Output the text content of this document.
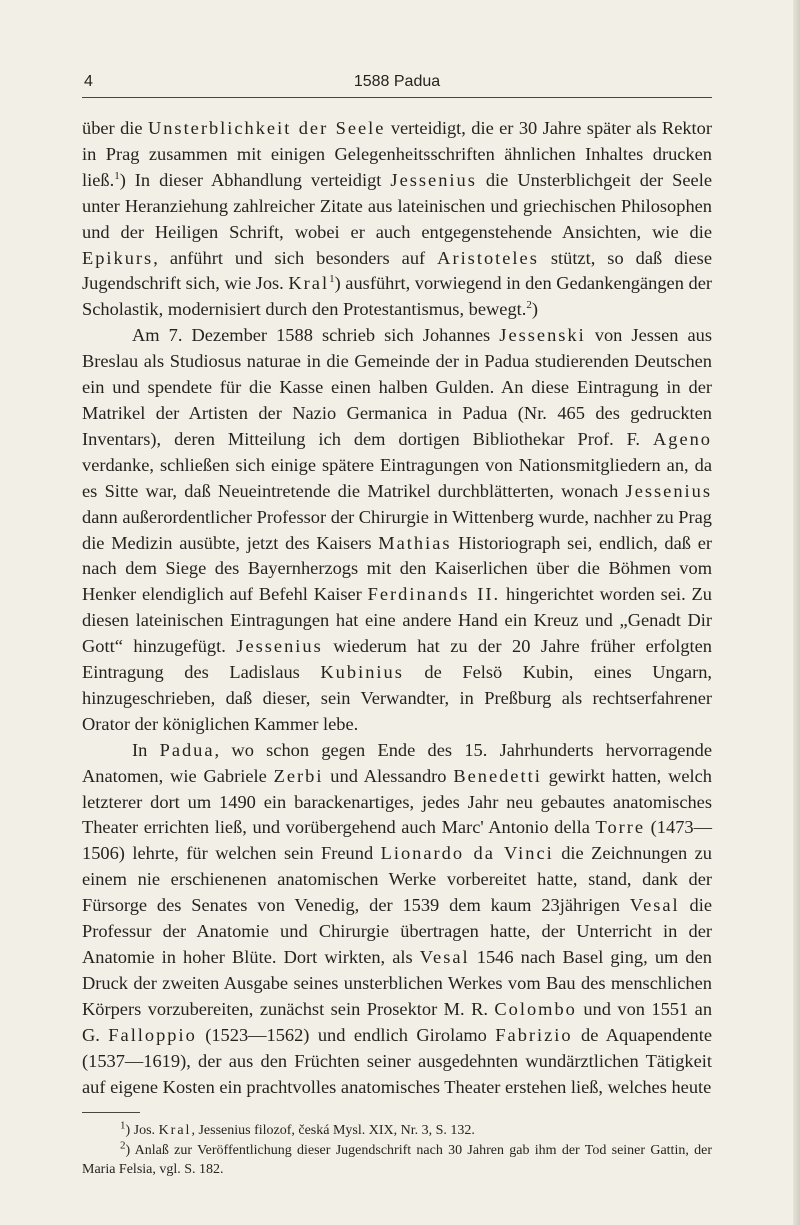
4	1588 Padua

über die Unsterblichkeit der Seele verteidigt, die er 30 Jahre später als Rektor in Prag zusammen mit einigen Gelegenheitsschriften ähnlichen Inhaltes drucken ließ.$^1$) In dieser Abhandlung verteidigt Jessenius die Unsterblichgeit der Seele unter Heranziehung zahlreicher Zitate aus lateinischen und griechischen Philosophen und der Heiligen Schrift, wobei er auch entgegenstehende Ansichten, wie die Epikurs, anführt und sich besonders auf Aristoteles stützt, so daß diese Jugendschrift sich, wie Jos. Kral$^1$) ausführt, vorwiegend in den Gedankengängen der Scholastik, modernisiert durch den Protestantismus, bewegt.$^2$)

Am 7. Dezember 1588 schrieb sich Johannes Jessenski von Jessen aus Breslau als Studiosus naturae in die Gemeinde der in Padua studierenden Deutschen ein und spendete für die Kasse einen halben Gulden. An diese Eintragung in der Matrikel der Artisten der Nazio Germanica in Padua (Nr. 465 des gedruckten Inventars), deren Mitteilung ich dem dortigen Bibliothekar Prof. F. Ageno verdanke, schließen sich einige spätere Eintragungen von Nationsmitgliedern an, da es Sitte war, daß Neueintretende die Matrikel durchblätterten, wonach Jessenius dann außerordentlicher Professor der Chirurgie in Wittenberg wurde, nachher zu Prag die Medizin ausübte, jetzt des Kaisers Mathias Historiograph sei, endlich, daß er nach dem Siege des Bayernherzogs mit den Kaiserlichen über die Böhmen vom Henker elendiglich auf Befehl Kaiser Ferdinands II. hingerichtet worden sei. Zu diesen lateinischen Eintragungen hat eine andere Hand ein Kreuz und „Genadt Dir Gott“ hinzugefügt. Jessenius wiederum hat zu der 20 Jahre früher erfolgten Eintragung des Ladislaus Kubinius de Felsö Kubin, eines Ungarn, hinzugeschrieben, daß dieser, sein Verwandter, in Preßburg als rechtserfahrener Orator der königlichen Kammer lebe.

In Padua, wo schon gegen Ende des 15. Jahrhunderts hervorragende Anatomen, wie Gabriele Zerbi und Alessandro Benedetti gewirkt hatten, welch letzterer dort um 1490 ein barackenartiges, jedes Jahr neu gebautes anatomisches Theater errichten ließ, und vorübergehend auch Marc' Antonio della Torre (1473—1506) lehrte, für welchen sein Freund Lionardo da Vinci die Zeichnungen zu einem nie erschienenen anatomischen Werke vorbereitet hatte, stand, dank der Fürsorge des Senates von Venedig, der 1539 dem kaum 23jährigen Vesal die Professur der Anatomie und Chirurgie übertragen hatte, der Unterricht in der Anatomie in hoher Blüte. Dort wirkten, als Vesal 1546 nach Basel ging, um den Druck der zweiten Ausgabe seines unsterblichen Werkes vom Bau des menschlichen Körpers vorzubereiten, zunächst sein Prosektor M. R. Colombo und von 1551 an G. Falloppio (1523—1562) und endlich Girolamo Fabrizio de Aquapendente (1537—1619), der aus den Früchten seiner ausgedehnten wundärztlichen Tätigkeit auf eigene Kosten ein prachtvolles anatomisches Theater erstehen ließ, welches heute

$^1$) Jos. Kral, Jessenius filozof, česká Mysl. XIX, Nr. 3, S. 132.

$^2$) Anlaß zur Veröffentlichung dieser Jugendschrift nach 30 Jahren gab ihm der Tod seiner Gattin, der Maria Felsia, vgl. S. 182.
